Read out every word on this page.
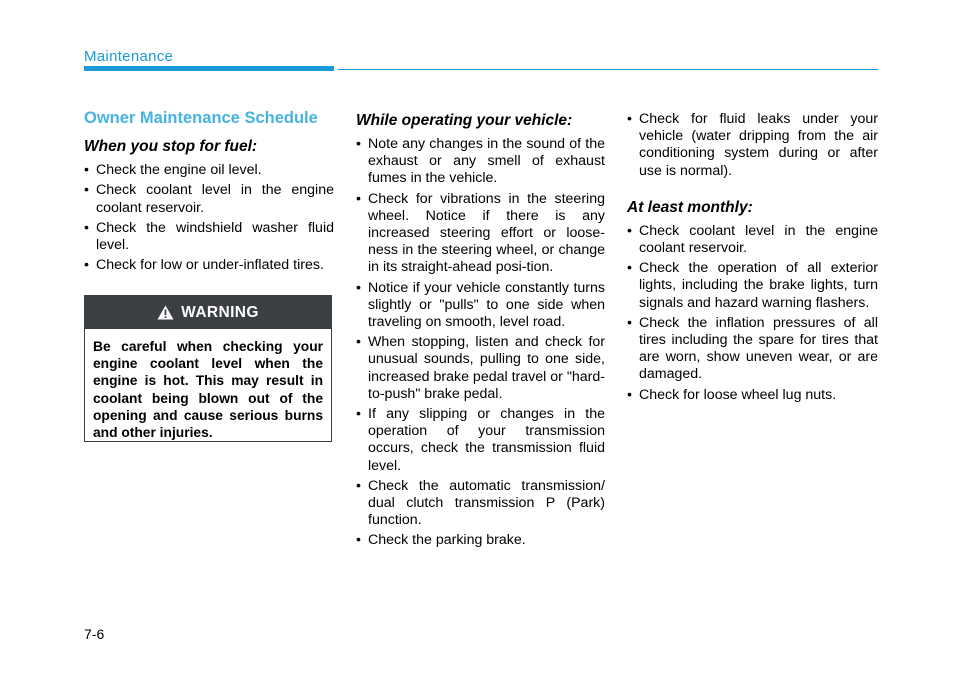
Maintenance
Owner Maintenance Schedule
When you stop for fuel:
• Check the engine oil level.
• Check coolant level in the engine coolant reservoir.
• Check the windshield washer fluid level.
• Check for low or under-inflated tires.
WARNING
Be careful when checking your engine coolant level when the engine is hot. This may result in coolant being blown out of the opening and cause serious burns and other injuries.
While operating your vehicle:
• Note any changes in the sound of the exhaust or any smell of exhaust fumes in the vehicle.
• Check for vibrations in the steering wheel. Notice if there is any increased steering effort or loose-ness in the steering wheel, or change in its straight-ahead posi-tion.
• Notice if your vehicle constantly turns slightly or "pulls" to one side when traveling on smooth, level road.
• When stopping, listen and check for unusual sounds, pulling to one side, increased brake pedal travel or "hard-to-push" brake pedal.
• If any slipping or changes in the operation of your transmission occurs, check the transmission fluid level.
• Check the automatic transmission/ dual clutch transmission P (Park) function.
• Check the parking brake.
• Check for fluid leaks under your vehicle (water dripping from the air conditioning system during or after use is normal).
At least monthly:
• Check coolant level in the engine coolant reservoir.
• Check the operation of all exterior lights, including the brake lights, turn signals and hazard warning flashers.
• Check the inflation pressures of all tires including the spare for tires that are worn, show uneven wear, or are damaged.
• Check for loose wheel lug nuts.
7-6
